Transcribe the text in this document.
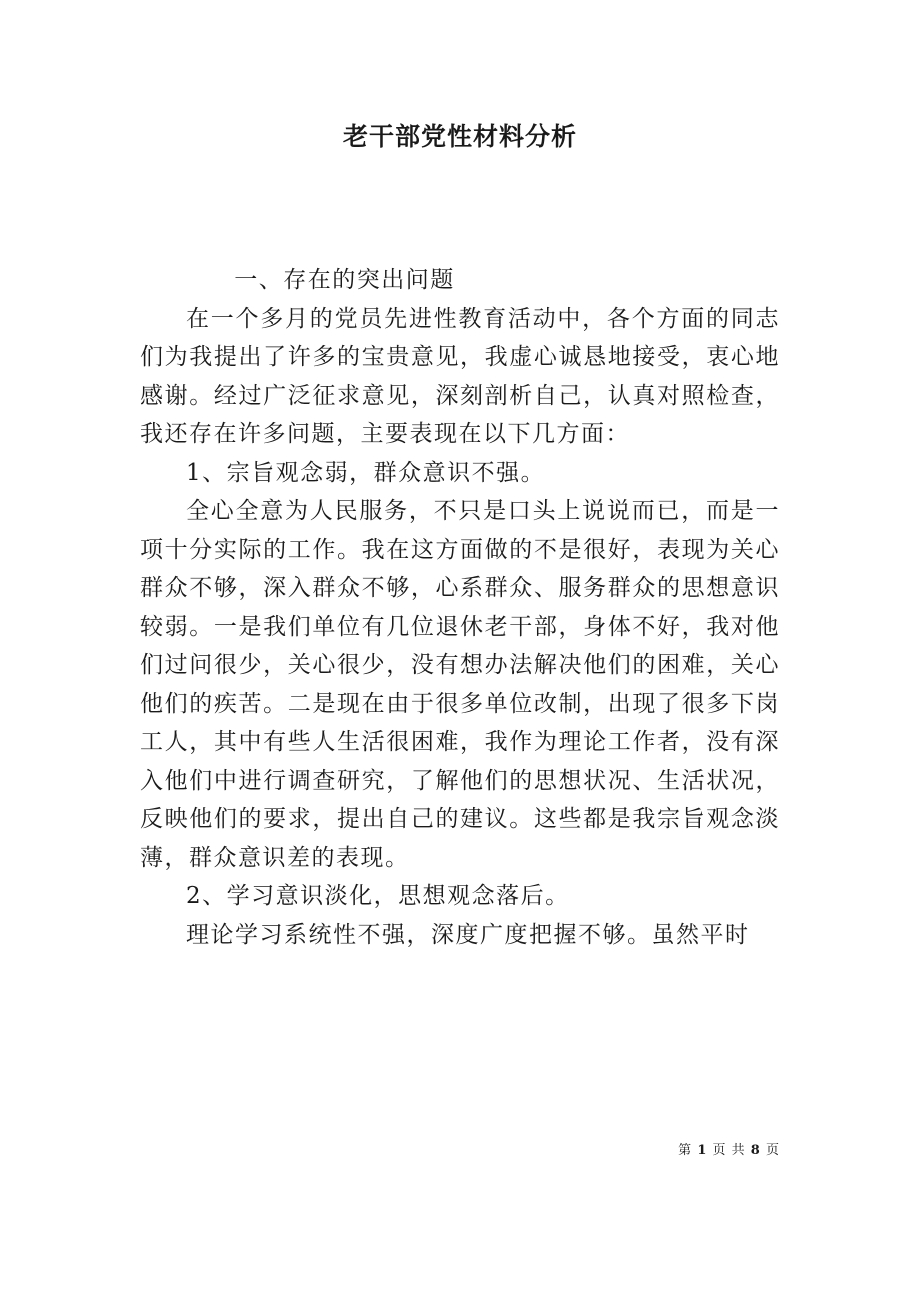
老干部党性材料分析

一、存在的突出问题

在一个多月的党员先进性教育活动中，各个方面的同志们为我提出了许多的宝贵意见，我虚心诚恳地接受，衷心地感谢。经过广泛征求意见，深刻剖析自己，认真对照检查，我还存在许多问题，主要表现在以下几方面：

1、宗旨观念弱，群众意识不强。

全心全意为人民服务，不只是口头上说说而已，而是一项十分实际的工作。我在这方面做的不是很好，表现为关心群众不够，深入群众不够，心系群众、服务群众的思想意识较弱。一是我们单位有几位退休老干部，身体不好，我对他们过问很少，关心很少，没有想办法解决他们的困难，关心他们的疾苦。二是现在由于很多单位改制，出现了很多下岗工人，其中有些人生活很困难，我作为理论工作者，没有深入他们中进行调查研究，了解他们的思想状况、生活状况，反映他们的要求，提出自己的建议。这些都是我宗旨观念淡薄，群众意识差的表现。

2、学习意识淡化，思想观念落后。

理论学习系统性不强，深度广度把握不够。虽然平时

第 1 页 共 8 页
